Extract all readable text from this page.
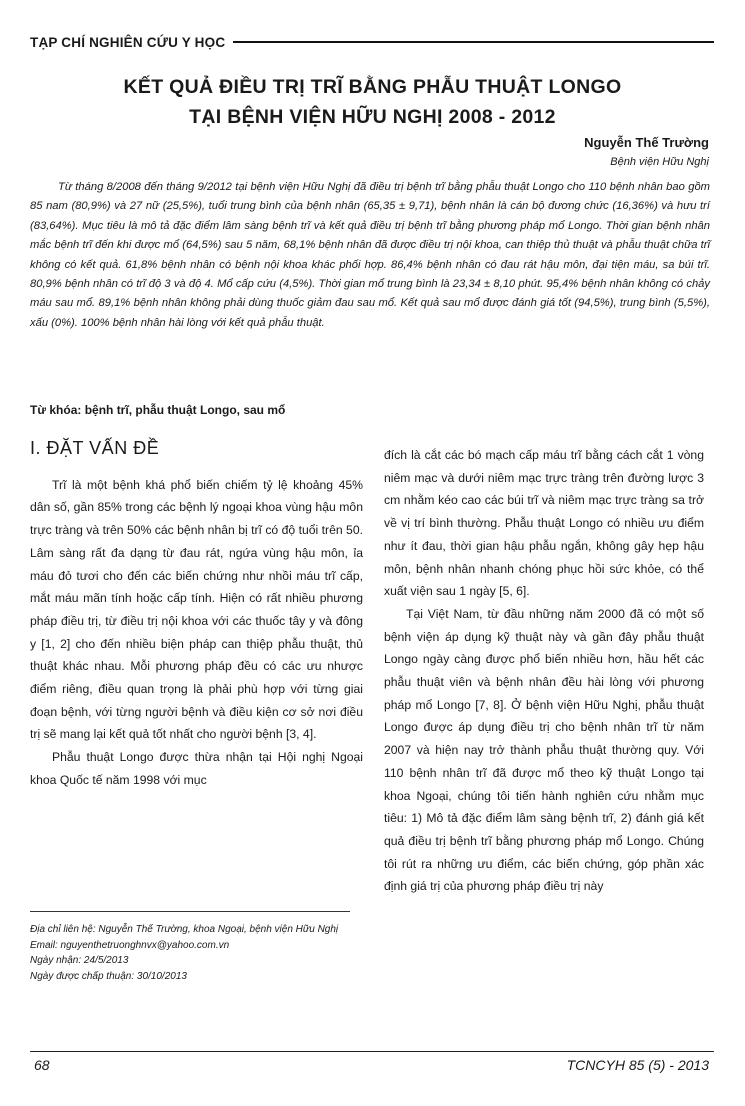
TẠP CHÍ NGHIÊN CỨU Y HỌC
KẾT QUẢ ĐIỀU TRỊ TRĨ BẰNG PHẪU THUẬT LONGO
TẠI BỆNH VIỆN HỮU NGHỊ 2008 - 2012
Nguyễn Thế Trường
Bệnh viện Hữu Nghị

Từ tháng 8/2008 đến tháng 9/2012 tại bệnh viện Hữu Nghị đã điều trị bệnh trĩ bằng phẫu thuật Longo cho 110 bệnh nhân bao gồm 85 nam (80,9%) và 27 nữ (25,5%), tuổi trung bình của bệnh nhân (65,35 ± 9,71), bệnh nhân là cán bộ đương chức (16,36%) và hưu trí (83,64%). Mục tiêu là mô tả đặc điểm lâm sàng bệnh trĩ và kết quả điều trị bệnh trĩ bằng phương pháp mổ Longo. Thời gian bệnh nhân mắc bệnh trĩ đến khi được mổ (64,5%) sau 5 năm, 68,1% bệnh nhân đã được điều trị nội khoa, can thiệp thủ thuật và phẫu thuật chữa trĩ không có kết quả. 61,8% bệnh nhân có bệnh nội khoa khác phối hợp. 86,4% bệnh nhân có đau rát hậu môn, đại tiện máu, sa búi trĩ. 80,9% bệnh nhân có trĩ độ 3 và độ 4. Mổ cấp cứu (4,5%). Thời gian mổ trung bình là 23,34 ± 8,10 phút. 95,4% bệnh nhân không có chảy máu sau mổ. 89,1% bệnh nhân không phải dùng thuốc giảm đau sau mổ. Kết quả sau mổ được đánh giá tốt (94,5%), trung bình (5,5%), xấu (0%). 100% bệnh nhân hài lòng với kết quả phẫu thuật.

Từ khóa: bệnh trĩ, phẫu thuật Longo, sau mổ
I. ĐẶT VẤN ĐỀ

Trĩ là một bệnh khá phổ biến chiếm tỷ lệ khoảng 45% dân số, gần 85% trong các bệnh lý ngoại khoa vùng hậu môn trực tràng và trên 50% các bệnh nhân bị trĩ có độ tuổi trên 50. Lâm sàng rất đa dạng từ đau rát, ngứa vùng hậu môn, ỉa máu đỏ tươi cho đến các biến chứng như nhồi máu trĩ cấp, mắt máu mãn tính hoặc cấp tính. Hiện có rất nhiều phương pháp điều trị, từ điều trị nội khoa với các thuốc tây y và đông y [1, 2] cho đến nhiều biện pháp can thiệp phẫu thuật, thủ thuật khác nhau. Mỗi phương pháp đều có các ưu nhược điểm riêng, điều quan trọng là phải phù hợp với từng giai đoạn bệnh, với từng người bệnh và điều kiện cơ sở nơi điều trị sẽ mang lại kết quả tốt nhất cho người bệnh [3, 4].

Phẫu thuật Longo được thừa nhận tại Hội nghị Ngoại khoa Quốc tế năm 1998 với mục

đích là cắt các bó mạch cấp máu trĩ bằng cách cắt 1 vòng niêm mạc và dưới niêm mạc trực tràng trên đường lược 3 cm nhằm kéo cao các búi trĩ và niêm mạc trực tràng sa trở về vị trí bình thường. Phẫu thuật Longo có nhiều ưu điểm như ít đau, thời gian hậu phẫu ngắn, không gây hẹp hậu môn, bệnh nhân nhanh chóng phục hồi sức khỏe, có thể xuất viện sau 1 ngày [5, 6].

Tại Việt Nam, từ đầu những năm 2000 đã có một số bệnh viện áp dụng kỹ thuật này và gần đây phẫu thuật Longo ngày càng được phổ biến nhiều hơn, hầu hết các phẫu thuật viên và bệnh nhân đều hài lòng với phương pháp mổ Longo [7, 8]. Ở bệnh viện Hữu Nghị, phẫu thuật Longo được áp dụng điều trị cho bệnh nhân trĩ từ năm 2007 và hiện nay trở thành phẫu thuật thường quy. Với 110 bệnh nhân trĩ đã được mổ theo kỹ thuật Longo tại khoa Ngoại, chúng tôi tiến hành nghiên cứu nhằm mục tiêu: 1) Mô tả đặc điểm lâm sàng bệnh trĩ, 2) đánh giá kết quả điều trị bệnh trĩ bằng phương pháp mổ Longo. Chúng tôi rút ra những ưu điểm, các biến chứng, góp phần xác định giá trị của phương pháp điều trị này

Địa chỉ liên hệ: Nguyễn Thế Trường, khoa Ngoại, bệnh viện Hữu Nghị
Email: nguyenthetruonghnvx@yahoo.com.vn
Ngày nhận: 24/5/2013
Ngày được chấp thuận: 30/10/2013
68	TCNCYH 85 (5) - 2013
